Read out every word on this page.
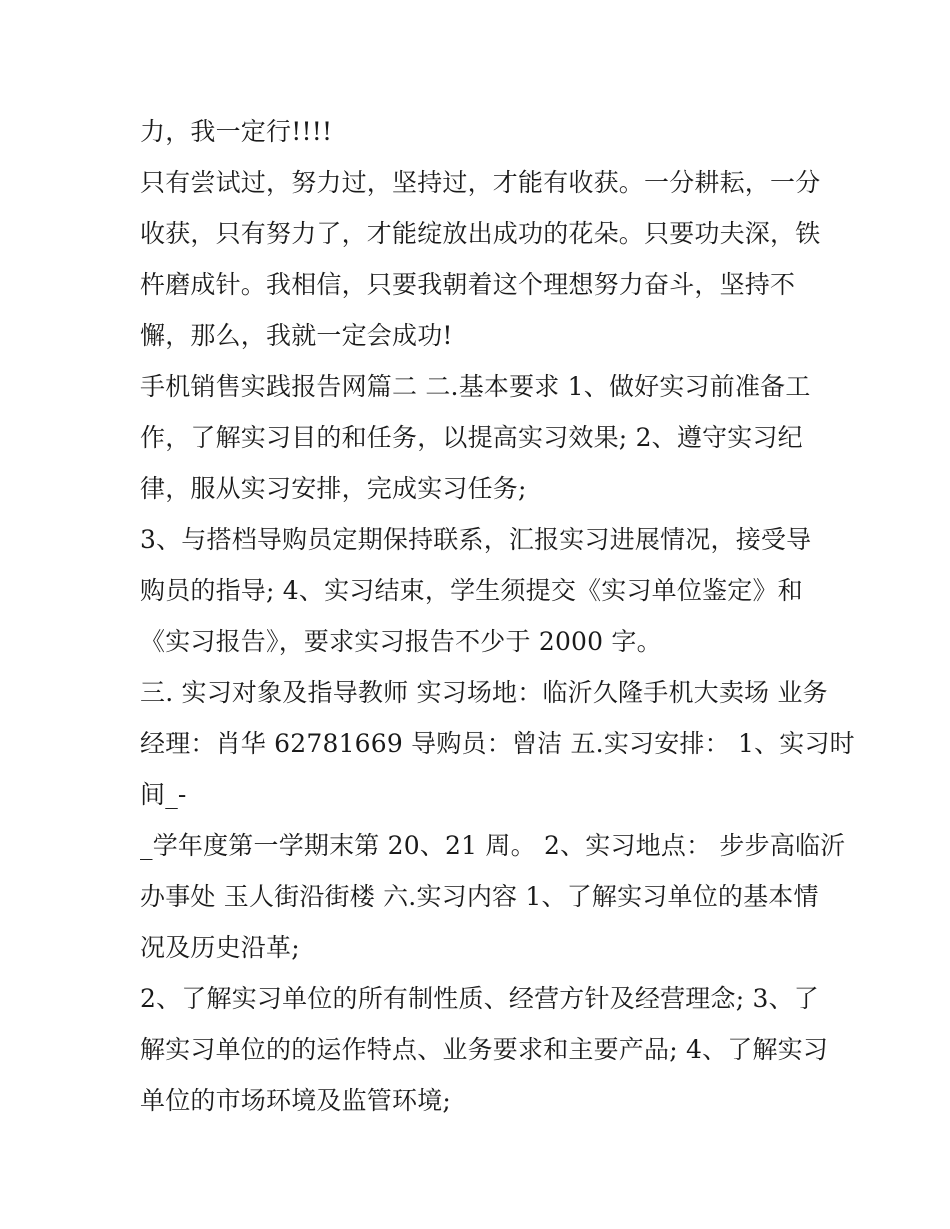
力，我一定行!!!!
只有尝试过，努力过，坚持过，才能有收获。一分耕耘，一分
收获，只有努力了，才能绽放出成功的花朵。只要功夫深，铁
杵磨成针。我相信，只要我朝着这个理想努力奋斗，坚持不
懈，那么，我就一定会成功!
手机销售实践报告网篇二 二.基本要求 1、做好实习前准备工
作，了解实习目的和任务，以提高实习效果; 2、遵守实习纪
律，服从实习安排，完成实习任务;
3、与搭档导购员定期保持联系，汇报实习进展情况，接受导
购员的指导; 4、实习结束，学生须提交《实习单位鉴定》和
《实习报告》，要求实习报告不少于 2000 字。
三. 实习对象及指导教师 实习场地：临沂久隆手机大卖场 业务
经理：肖华 62781669 导购员：曾洁 五.实习安排： 1、实习时
间_-
_学年度第一学期末第 20、21 周。 2、实习地点： 步步高临沂
办事处 玉人街沿街楼 六.实习内容 1、了解实习单位的基本情
况及历史沿革;
2、了解实习单位的所有制性质、经营方针及经营理念; 3、了
解实习单位的的运作特点、业务要求和主要产品; 4、了解实习
单位的市场环境及监管环境;
